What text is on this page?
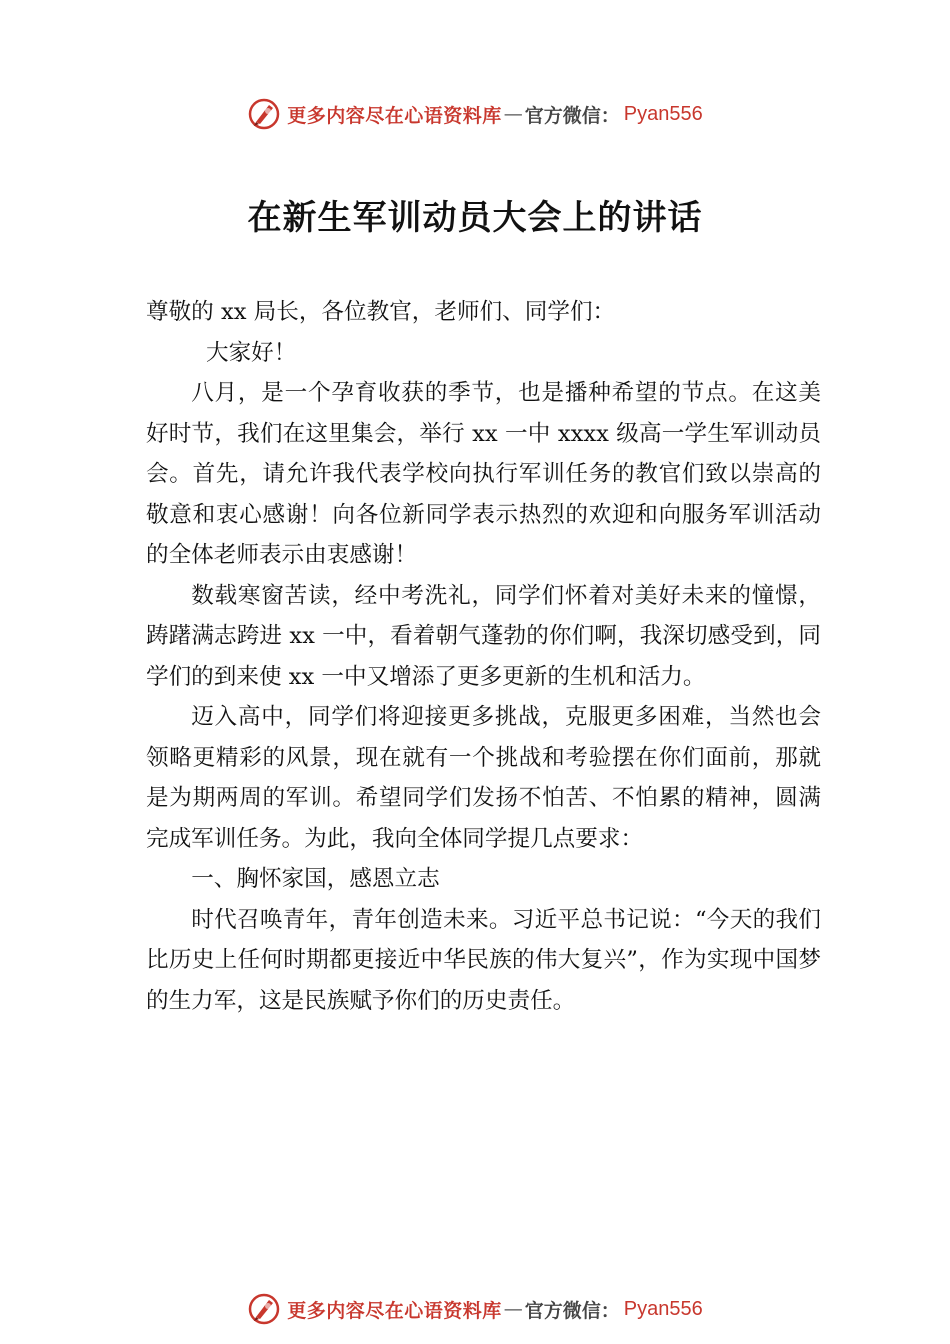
更多内容尽在心语资料库 — 官方微信： Pyan556
在新生军训动员大会上的讲话

尊敬的 xx 局长，各位教官，老师们、同学们：

大家好！

八月，是一个孕育收获的季节，也是播种希望的节点。在这美好时节，我们在这里集会，举行 xx 一中 xxxx 级高一学生军训动员会。首先，请允许我代表学校向执行军训任务的教官们致以崇高的敬意和衷心感谢！向各位新同学表示热烈的欢迎和向服务军训活动的全体老师表示由衷感谢！

数载寒窗苦读，经中考洗礼，同学们怀着对美好未来的憧憬，踌躇满志跨进 xx 一中，看着朝气蓬勃的你们啊，我深切感受到，同学们的到来使 xx 一中又增添了更多更新的生机和活力。

迈入高中，同学们将迎接更多挑战，克服更多困难，当然也会领略更精彩的风景，现在就有一个挑战和考验摆在你们面前，那就是为期两周的军训。希望同学们发扬不怕苦、不怕累的精神，圆满完成军训任务。为此，我向全体同学提几点要求：

一、胸怀家国，感恩立志

时代召唤青年，青年创造未来。习近平总书记说：“今天的我们比历史上任何时期都更接近中华民族的伟大复兴”，作为实现中国梦的生力军，这是民族赋予你们的历史责任。

更多内容尽在心语资料库 — 官方微信： Pyan556
